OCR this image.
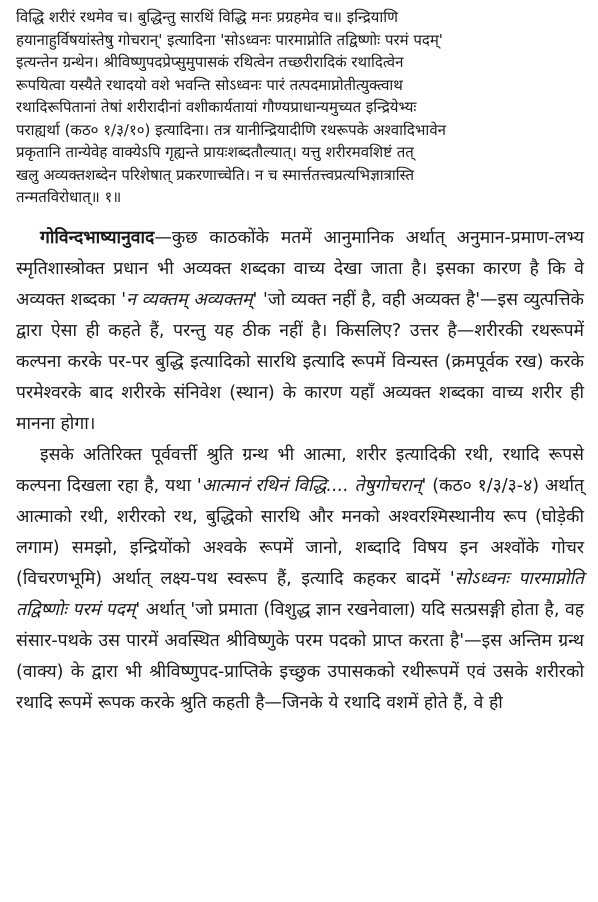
विद्धि शरीरं रथमेव च। बुद्धिन्तु सारथिं विद्धि मनः प्रग्रहमेव च॥ इन्द्रियाणि

हयानाहुर्विषयांस्तेषु गोचरान्' इत्यादिना 'सोऽध्वनः पारमाप्नोति तद्विष्णोः परमं पदम्'

इत्यन्तेन ग्रन्थेन। श्रीविष्णुपदप्रेप्सुमुपासकं रथित्वेन तच्छरीरादिकं रथादित्वेन

रूपयित्वा यस्यैते रथादयो वशे भवन्ति सोऽध्वनः पारं तत्पदमाप्नोतीत्युक्त्वाथ

रथादिरूपितानां तेषां शरीरादीनां वशीकार्यतायां गौण्यप्राधान्यमुच्यत इन्द्रियेभ्यः

पराह्यर्था (कठ० १/३/१०) इत्यादिना। तत्र यानीन्द्रियादीणि रथरूपके अश्वादिभावेन

प्रकृतानि तान्येवेह वाक्येऽपि गृह्यन्ते प्रायःशब्दतौल्यात्। यत्तु शरीरमवशिष्टं तत्

खलु अव्यक्तशब्देन परिशेषात् प्रकरणाच्चेति। न च स्मार्त्ततत्त्वप्रत्यभिज्ञात्रास्ति

तन्मतविरोधात्॥ १॥

गोविन्दभाष्यानुवाद—कुछ काठकोंके मतमें आनुमानिक अर्थात् अनुमान-प्रमाण-लभ्य स्मृतिशास्त्रोक्त प्रधान भी अव्यक्त शब्दका वाच्य देखा जाता है। इसका कारण है कि वे अव्यक्त शब्दका 'न व्यक्तम् अव्यक्तम्' 'जो व्यक्त नहीं है, वही अव्यक्त है'—इस व्युत्पत्तिके द्वारा ऐसा ही कहते हैं, परन्तु यह ठीक नहीं है। किसलिए? उत्तर है—शरीरकी रथरूपमें कल्पना करके पर-पर बुद्धि इत्यादिको सारथि इत्यादि रूपमें विन्यस्त (क्रमपूर्वक रख) करके परमेश्वरके बाद शरीरके संनिवेश (स्थान) के कारण यहाँ अव्यक्त शब्दका वाच्य शरीर ही मानना होगा।

इसके अतिरिक्त पूर्ववर्त्ती श्रुति ग्रन्थ भी आत्मा, शरीर इत्यादिकी रथी, रथादि रूपसे कल्पना दिखला रहा है, यथा 'आत्मानं रथिनं विद्धि.... तेषुगोचरान्' (कठ० १/३/३-४) अर्थात् आत्माको रथी, शरीरको रथ, बुद्धिको सारथि और मनको अश्वरश्मिस्थानीय रूप (घोड़ेकी लगाम) समझो, इन्द्रियोंको अश्वके रूपमें जानो, शब्दादि विषय इन अश्वोंके गोचर (विचरणभूमि) अर्थात् लक्ष्य-पथ स्वरूप हैं, इत्यादि कहकर बादमें 'सोऽध्वनः पारमाप्नोति तद्विष्णोः परमं पदम्' अर्थात् 'जो प्रमाता (विशुद्ध ज्ञान रखनेवाला) यदि सत्प्रसङ्गी होता है, वह संसार-पथके उस पारमें अवस्थित श्रीविष्णुके परम पदको प्राप्त करता है'—इस अन्तिम ग्रन्थ (वाक्य) के द्वारा भी श्रीविष्णुपद-प्राप्तिके इच्छुक उपासकको रथीरूपमें एवं उसके शरीरको रथादि रूपमें रूपक करके श्रुति कहती है—जिनके ये रथादि वशमें होते हैं, वे ही
